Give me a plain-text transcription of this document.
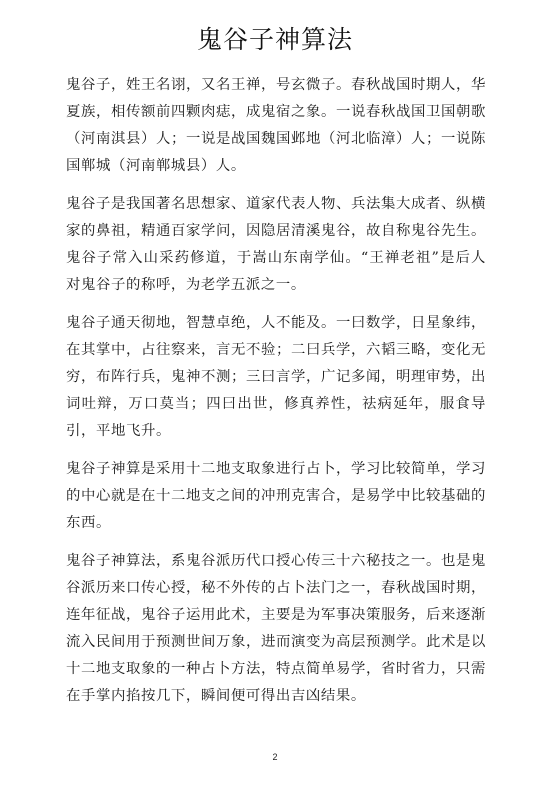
鬼谷子神算法

鬼谷子，姓王名诩，又名王禅，号玄微子。春秋战国时期人，华夏族，相传额前四颗肉痣，成鬼宿之象。一说春秋战国卫国朝歌（河南淇县）人；一说是战国魏国邺地（河北临漳）人；一说陈国郸城（河南郸城县）人。

鬼谷子是我国著名思想家、道家代表人物、兵法集大成者、纵横家的鼻祖，精通百家学问，因隐居清溪鬼谷，故自称鬼谷先生。鬼谷子常入山采药修道，于嵩山东南学仙。“王禅老祖”是后人对鬼谷子的称呼，为老学五派之一。

鬼谷子通天彻地，智慧卓绝，人不能及。一曰数学，日星象纬，在其掌中，占往察来，言无不验；二曰兵学，六韬三略，变化无穷，布阵行兵，鬼神不测；三曰言学，广记多闻，明理审势，出词吐辩，万口莫当；四曰出世，修真养性，祛病延年，服食导引，平地飞升。

鬼谷子神算是采用十二地支取象进行占卜，学习比较简单，学习的中心就是在十二地支之间的冲刑克害合，是易学中比较基础的东西。

鬼谷子神算法，系鬼谷派历代口授心传三十六秘技之一。也是鬼谷派历来口传心授，秘不外传的占卜法门之一，春秋战国时期，连年征战，鬼谷子运用此术，主要是为军事决策服务，后来逐渐流入民间用于预测世间万象，进而演变为高层预测学。此术是以十二地支取象的一种占卜方法，特点简单易学，省时省力，只需在手掌内掐按几下，瞬间便可得出吉凶结果。

2
